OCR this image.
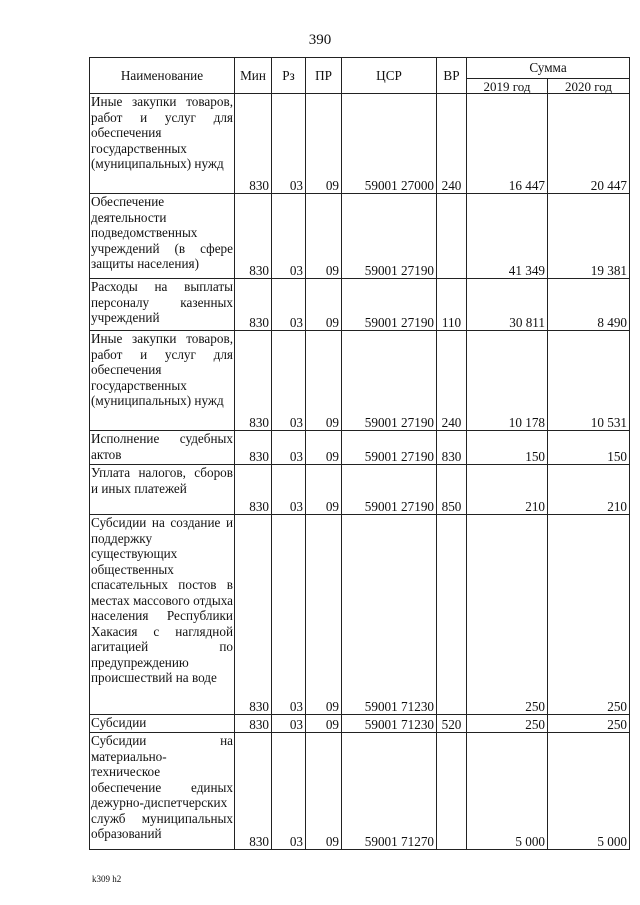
390
Наименование	Мин	Рз	ПР	ЦСР	ВР	Сумма	
						2019 год	2020 год
Иные закупки товаров, работ и услуг для обеспечения государственных (муниципальных) нужд	830	03	09	59001 27000	240	16 447	20 447
Обеспечение деятельности подведомственных учреждений (в сфере защиты населения)	830	03	09	59001 27190		41 349	19 381
Расходы на выплаты персоналу казенных учреждений	830	03	09	59001 27190	110	30 811	8 490
Иные закупки товаров, работ и услуг для обеспечения государственных (муниципальных) нужд	830	03	09	59001 27190	240	10 178	10 531
Исполнение судебных актов	830	03	09	59001 27190	830	150	150
Уплата налогов, сборов и иных платежей	830	03	09	59001 27190	850	210	210
Субсидии на создание и поддержку существующих общественных спасательных постов в местах массового отдыха населения Республики Хакасия с наглядной агитацией по предупреждению происшествий на воде	830	03	09	59001 71230		250	250
Субсидии	830	03	09	59001 71230	520	250	250
Субсидии на материально-техническое обеспечение единых дежурно-диспетчерских служб муниципальных образований	830	03	09	59001 71270		5 000	5 000
k309 h2
